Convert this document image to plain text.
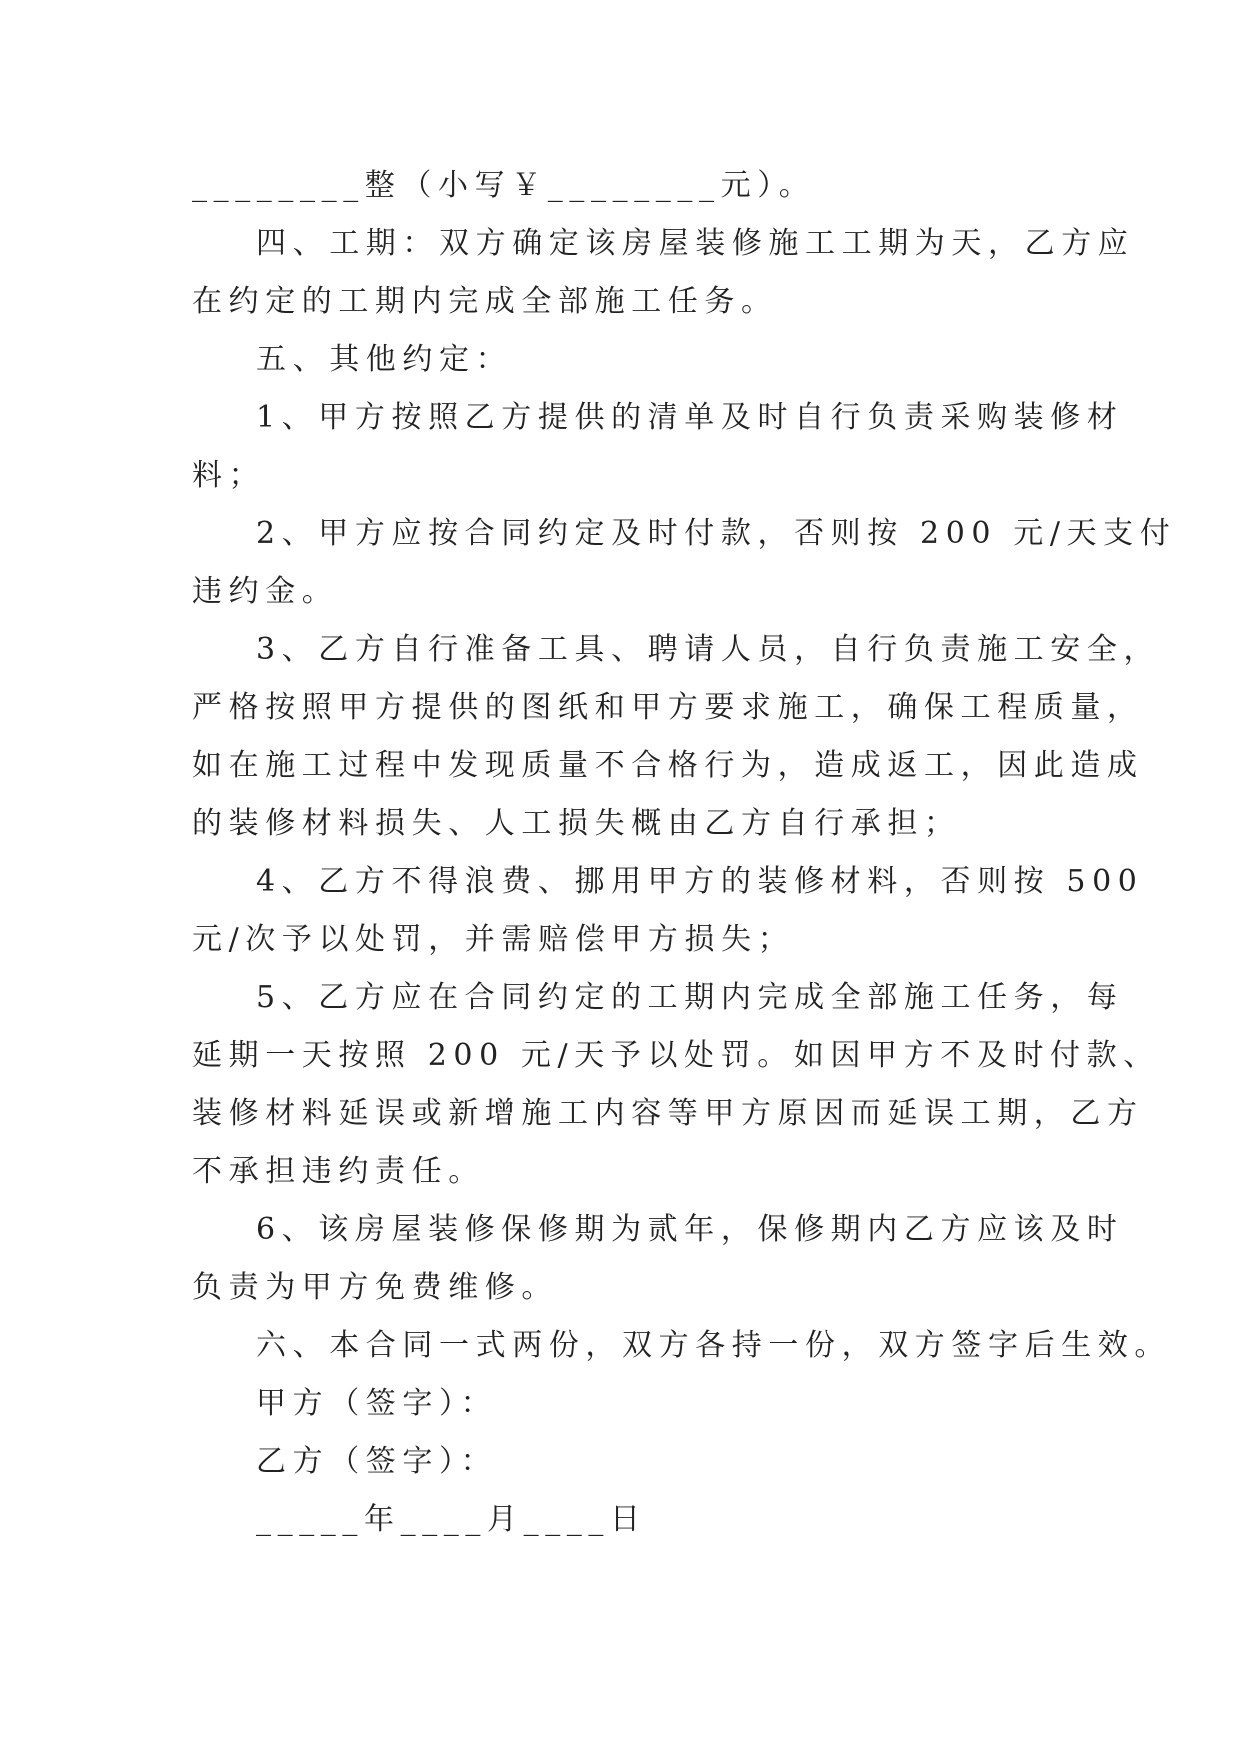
________整（小写￥________元）。
四、工期：双方确定该房屋装修施工工期为天，乙方应
在约定的工期内完成全部施工任务。
五、其他约定：
1、甲方按照乙方提供的清单及时自行负责采购装修材
料；
2、甲方应按合同约定及时付款，否则按 200 元/天支付
违约金。
3、乙方自行准备工具、聘请人员，自行负责施工安全，
严格按照甲方提供的图纸和甲方要求施工，确保工程质量，
如在施工过程中发现质量不合格行为，造成返工，因此造成
的装修材料损失、人工损失概由乙方自行承担；
4、乙方不得浪费、挪用甲方的装修材料，否则按 500
元/次予以处罚，并需赔偿甲方损失；
5、乙方应在合同约定的工期内完成全部施工任务，每
延期一天按照 200 元/天予以处罚。如因甲方不及时付款、
装修材料延误或新增施工内容等甲方原因而延误工期，乙方
不承担违约责任。
6、该房屋装修保修期为贰年，保修期内乙方应该及时
负责为甲方免费维修。
六、本合同一式两份，双方各持一份，双方签字后生效。
甲方（签字）：
乙方（签字）：
_____年____月____日
